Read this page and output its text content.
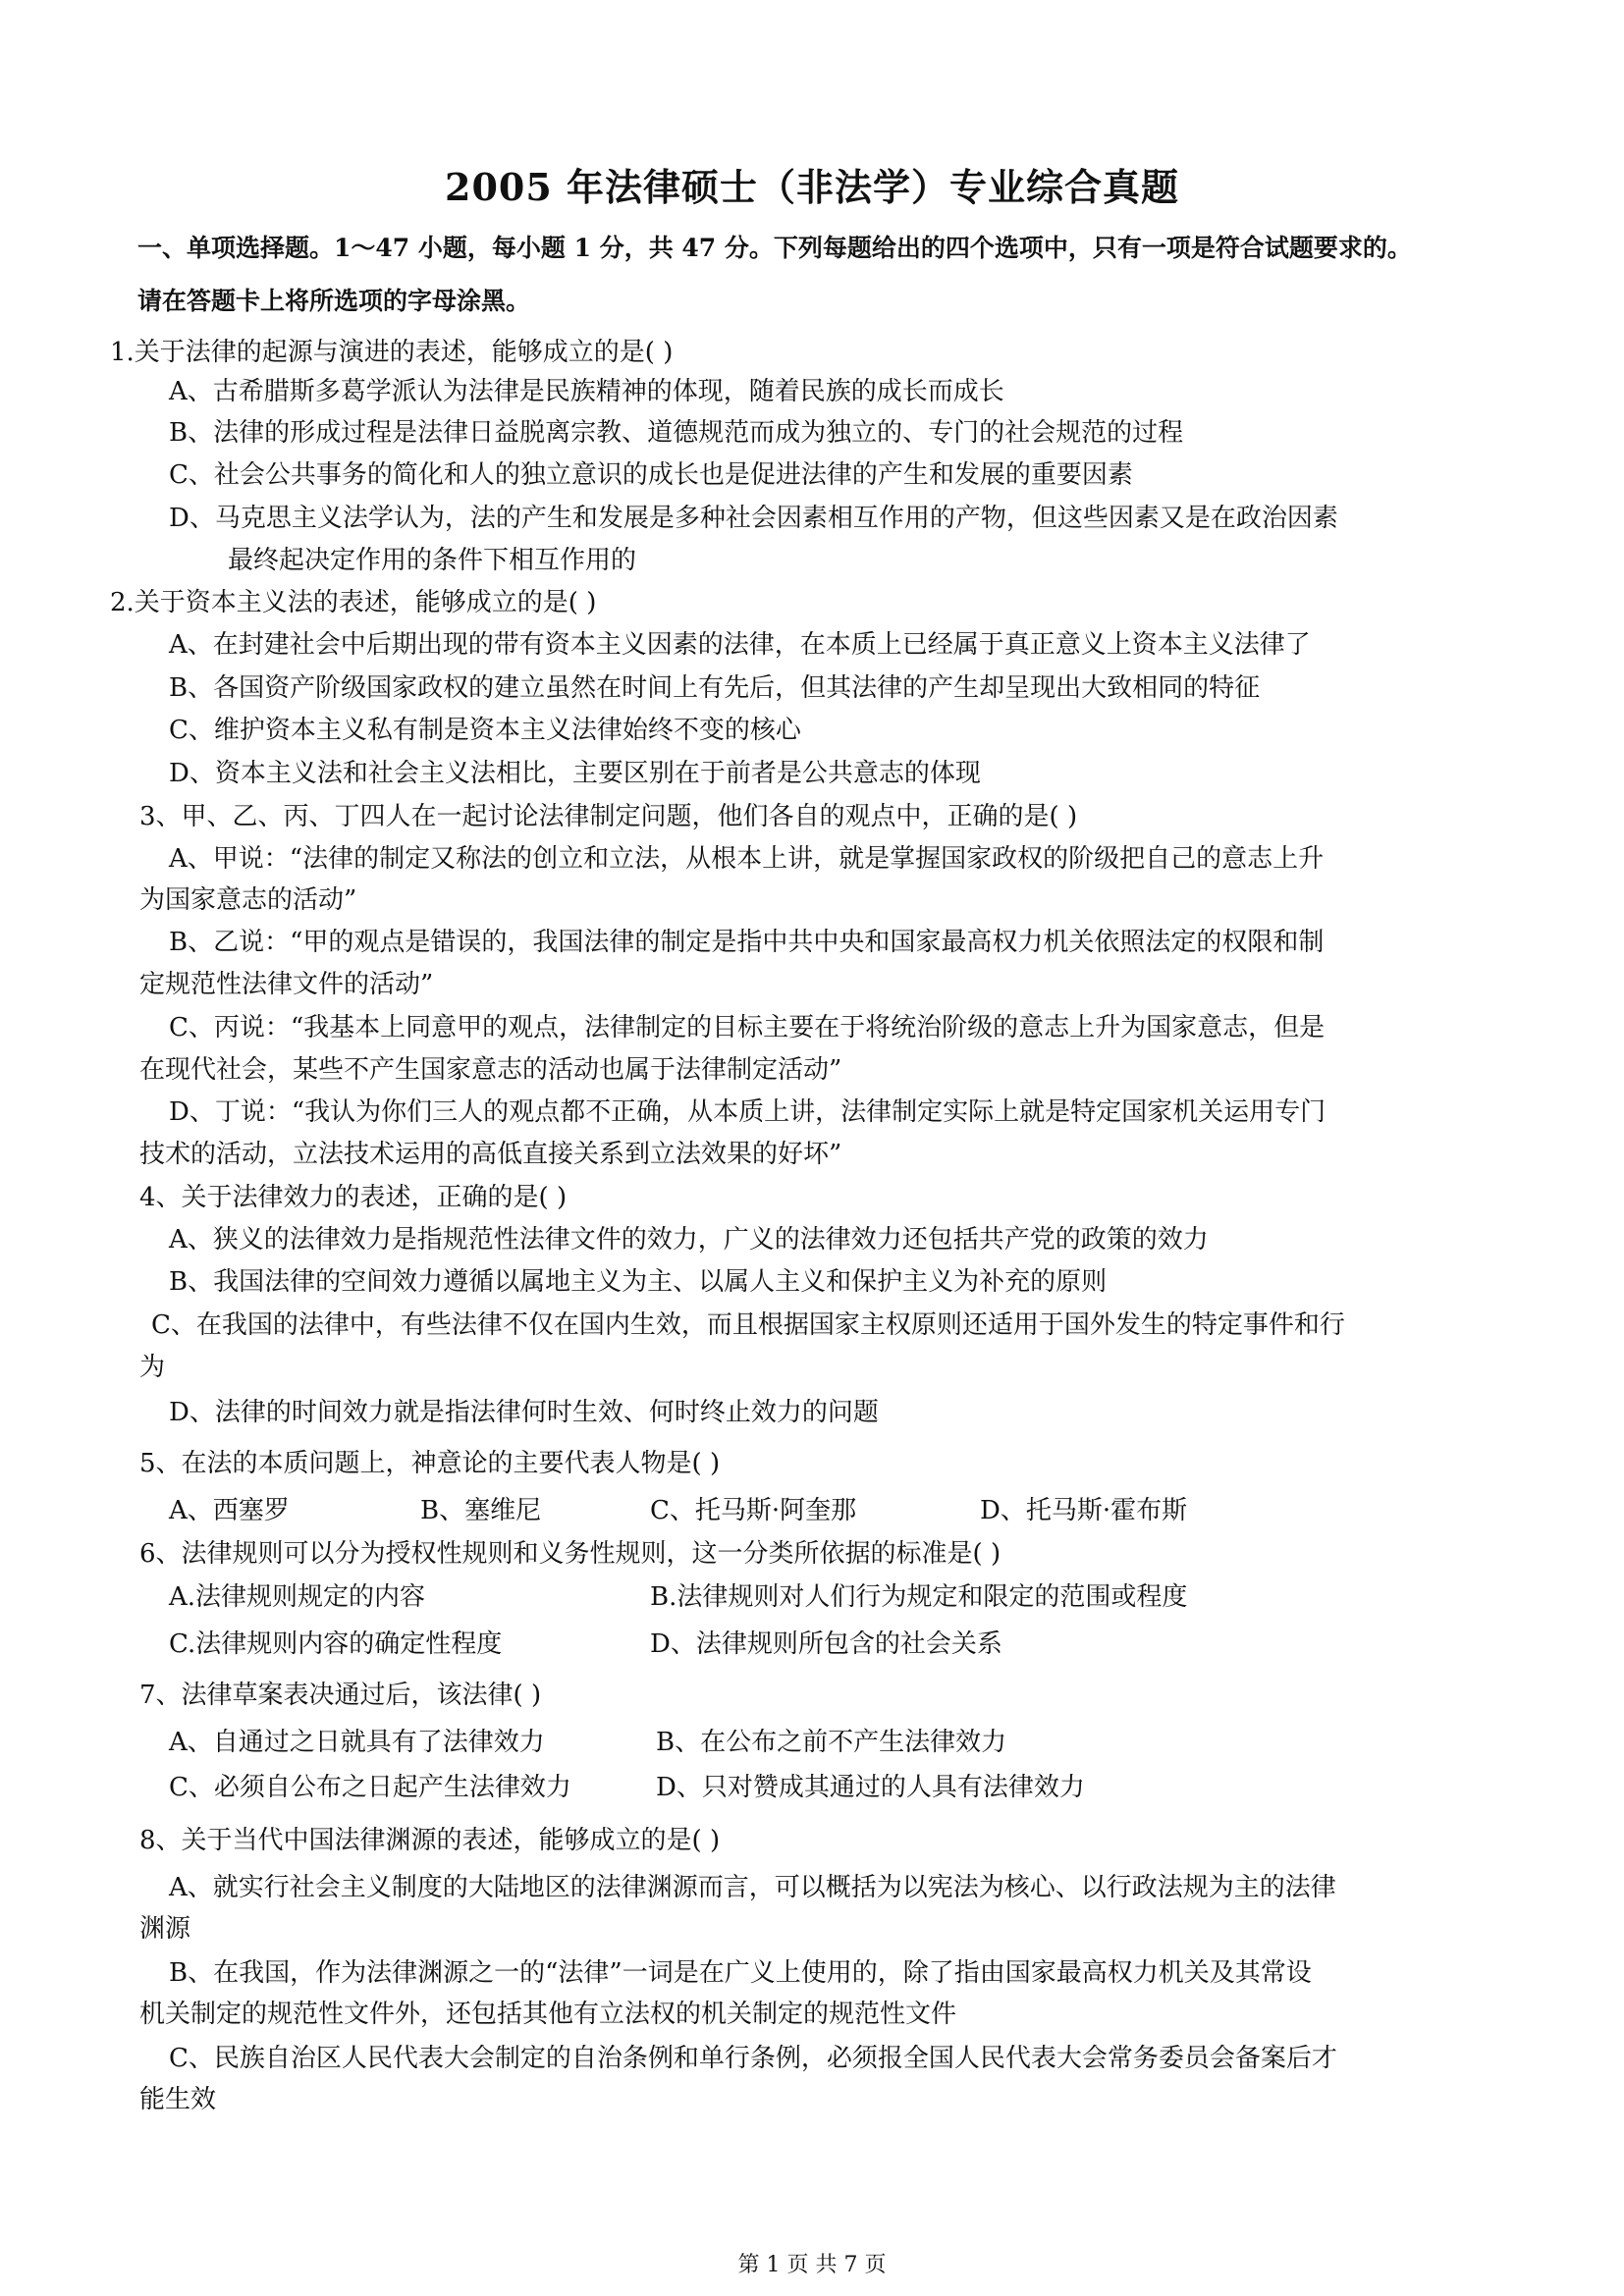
2005 年法律硕士（非法学）专业综合真题
一、单项选择题。1～47 小题，每小题 1 分，共 47 分。下列每题给出的四个选项中，只有一项是符合试题要求的。
请在答题卡上将所选项的字母涂黑。
1.关于法律的起源与演进的表述，能够成立的是( )
A、古希腊斯多葛学派认为法律是民族精神的体现，随着民族的成长而成长
B、法律的形成过程是法律日益脱离宗教、道德规范而成为独立的、专门的社会规范的过程
C、社会公共事务的简化和人的独立意识的成长也是促进法律的产生和发展的重要因素
D、马克思主义法学认为，法的产生和发展是多种社会因素相互作用的产物，但这些因素又是在政治因素
最终起决定作用的条件下相互作用的
2.关于资本主义法的表述，能够成立的是( )
A、在封建社会中后期出现的带有资本主义因素的法律，在本质上已经属于真正意义上资本主义法律了
B、各国资产阶级国家政权的建立虽然在时间上有先后，但其法律的产生却呈现出大致相同的特征
C、维护资本主义私有制是资本主义法律始终不变的核心
D、资本主义法和社会主义法相比，主要区别在于前者是公共意志的体现
3、甲、乙、丙、丁四人在一起讨论法律制定问题，他们各自的观点中，正确的是( )
A、甲说：“法律的制定又称法的创立和立法，从根本上讲，就是掌握国家政权的阶级把自己的意志上升
为国家意志的活动”
B、乙说：“甲的观点是错误的，我国法律的制定是指中共中央和国家最高权力机关依照法定的权限和制
定规范性法律文件的活动”
C、丙说：“我基本上同意甲的观点，法律制定的目标主要在于将统治阶级的意志上升为国家意志，但是
在现代社会，某些不产生国家意志的活动也属于法律制定活动”
D、丁说：“我认为你们三人的观点都不正确，从本质上讲，法律制定实际上就是特定国家机关运用专门
技术的活动，立法技术运用的高低直接关系到立法效果的好坏”
4、关于法律效力的表述，正确的是( )
A、狭义的法律效力是指规范性法律文件的效力，广义的法律效力还包括共产党的政策的效力
B、我国法律的空间效力遵循以属地主义为主、以属人主义和保护主义为补充的原则
C、在我国的法律中，有些法律不仅在国内生效，而且根据国家主权原则还适用于国外发生的特定事件和行
为
D、法律的时间效力就是指法律何时生效、何时终止效力的问题
5、在法的本质问题上，神意论的主要代表人物是( )
A、西塞罗	B、塞维尼	C、托马斯·阿奎那	D、托马斯·霍布斯
6、法律规则可以分为授权性规则和义务性规则，这一分类所依据的标准是( )
A.法律规则规定的内容	B.法律规则对人们行为规定和限定的范围或程度
C.法律规则内容的确定性程度	D、法律规则所包含的社会关系
7、法律草案表决通过后，该法律( )
A、自通过之日就具有了法律效力	B、在公布之前不产生法律效力
C、必须自公布之日起产生法律效力	D、只对赞成其通过的人具有法律效力
8、关于当代中国法律渊源的表述，能够成立的是( )
A、就实行社会主义制度的大陆地区的法律渊源而言，可以概括为以宪法为核心、以行政法规为主的法律
渊源
B、在我国，作为法律渊源之一的“法律”一词是在广义上使用的，除了指由国家最高权力机关及其常设
机关制定的规范性文件外，还包括其他有立法权的机关制定的规范性文件
C、民族自治区人民代表大会制定的自治条例和单行条例，必须报全国人民代表大会常务委员会备案后才
能生效
第 1 页 共 7 页
